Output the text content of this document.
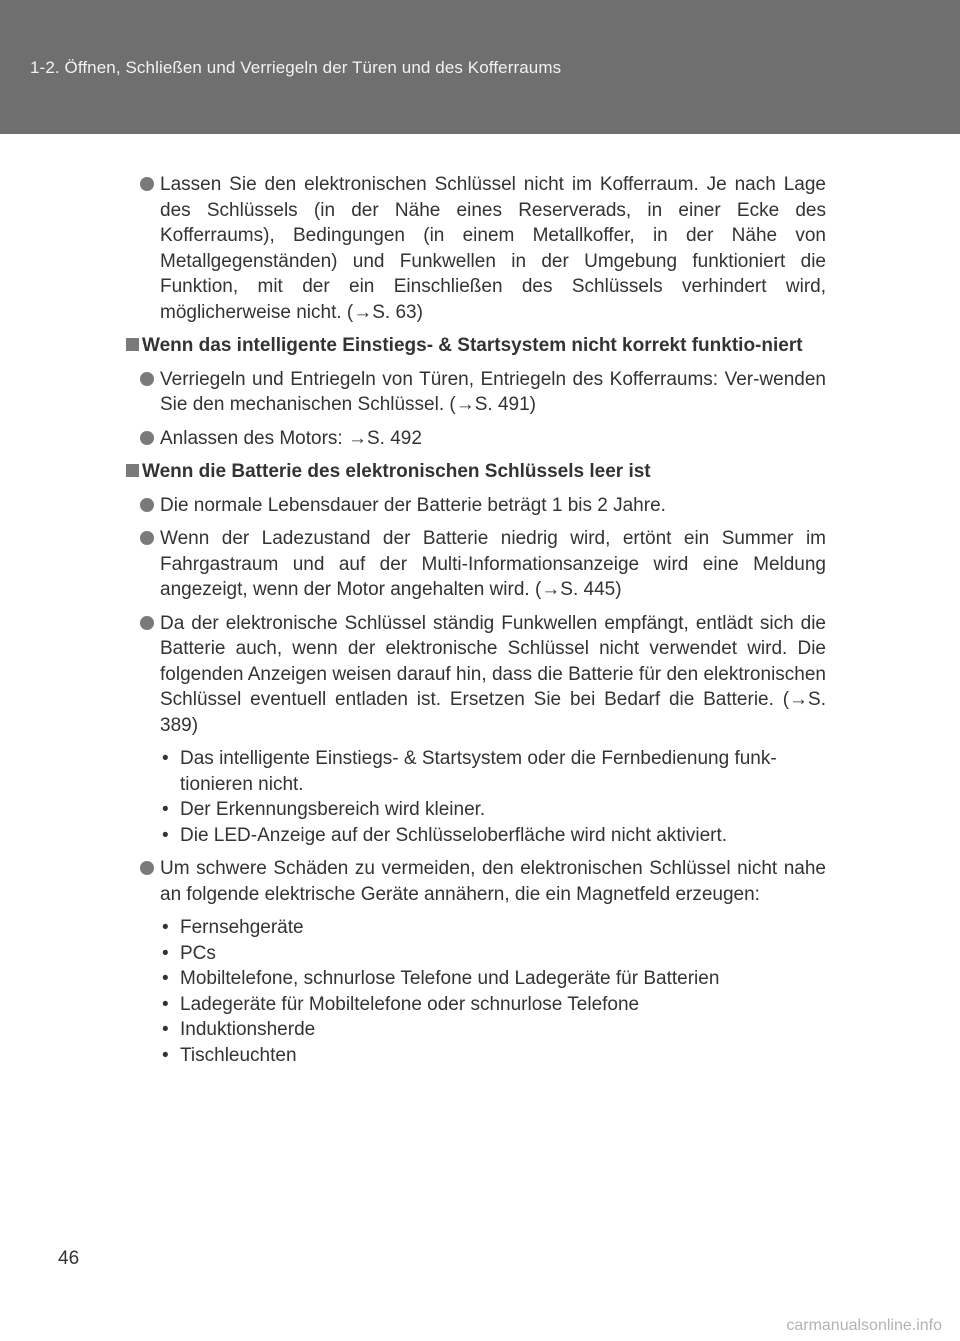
1-2. Öffnen, Schließen und Verriegeln der Türen und des Kofferraums
Lassen Sie den elektronischen Schlüssel nicht im Kofferraum. Je nach Lage des Schlüssels (in der Nähe eines Reserverads, in einer Ecke des Kofferraums), Bedingungen (in einem Metallkoffer, in der Nähe von Metallgegenständen) und Funkwellen in der Umgebung funktioniert die Funktion, mit der ein Einschließen des Schlüssels verhindert wird, möglicherweise nicht. (→S. 63)
Wenn das intelligente Einstiegs- & Startsystem nicht korrekt funktio-niert
Verriegeln und Entriegeln von Türen, Entriegeln des Kofferraums: Ver-wenden Sie den mechanischen Schlüssel. (→S. 491)
Anlassen des Motors: →S. 492
Wenn die Batterie des elektronischen Schlüssels leer ist
Die normale Lebensdauer der Batterie beträgt 1 bis 2 Jahre.
Wenn der Ladezustand der Batterie niedrig wird, ertönt ein Summer im Fahrgastraum und auf der Multi-Informationsanzeige wird eine Meldung angezeigt, wenn der Motor angehalten wird. (→S. 445)
Da der elektronische Schlüssel ständig Funkwellen empfängt, entlädt sich die Batterie auch, wenn der elektronische Schlüssel nicht verwendet wird. Die folgenden Anzeigen weisen darauf hin, dass die Batterie für den elektronischen Schlüssel eventuell entladen ist. Ersetzen Sie bei Bedarf die Batterie. (→S. 389)
• Das intelligente Einstiegs- & Startsystem oder die Fernbedienung funk-tionieren nicht.
• Der Erkennungsbereich wird kleiner.
• Die LED-Anzeige auf der Schlüsseloberfläche wird nicht aktiviert.
Um schwere Schäden zu vermeiden, den elektronischen Schlüssel nicht nahe an folgende elektrische Geräte annähern, die ein Magnetfeld erzeugen:
• Fernsehgeräte
• PCs
• Mobiltelefone, schnurlose Telefone und Ladegeräte für Batterien
• Ladegeräte für Mobiltelefone oder schnurlose Telefone
• Induktionsherde
• Tischleuchten
46
carmanualsonline.info
